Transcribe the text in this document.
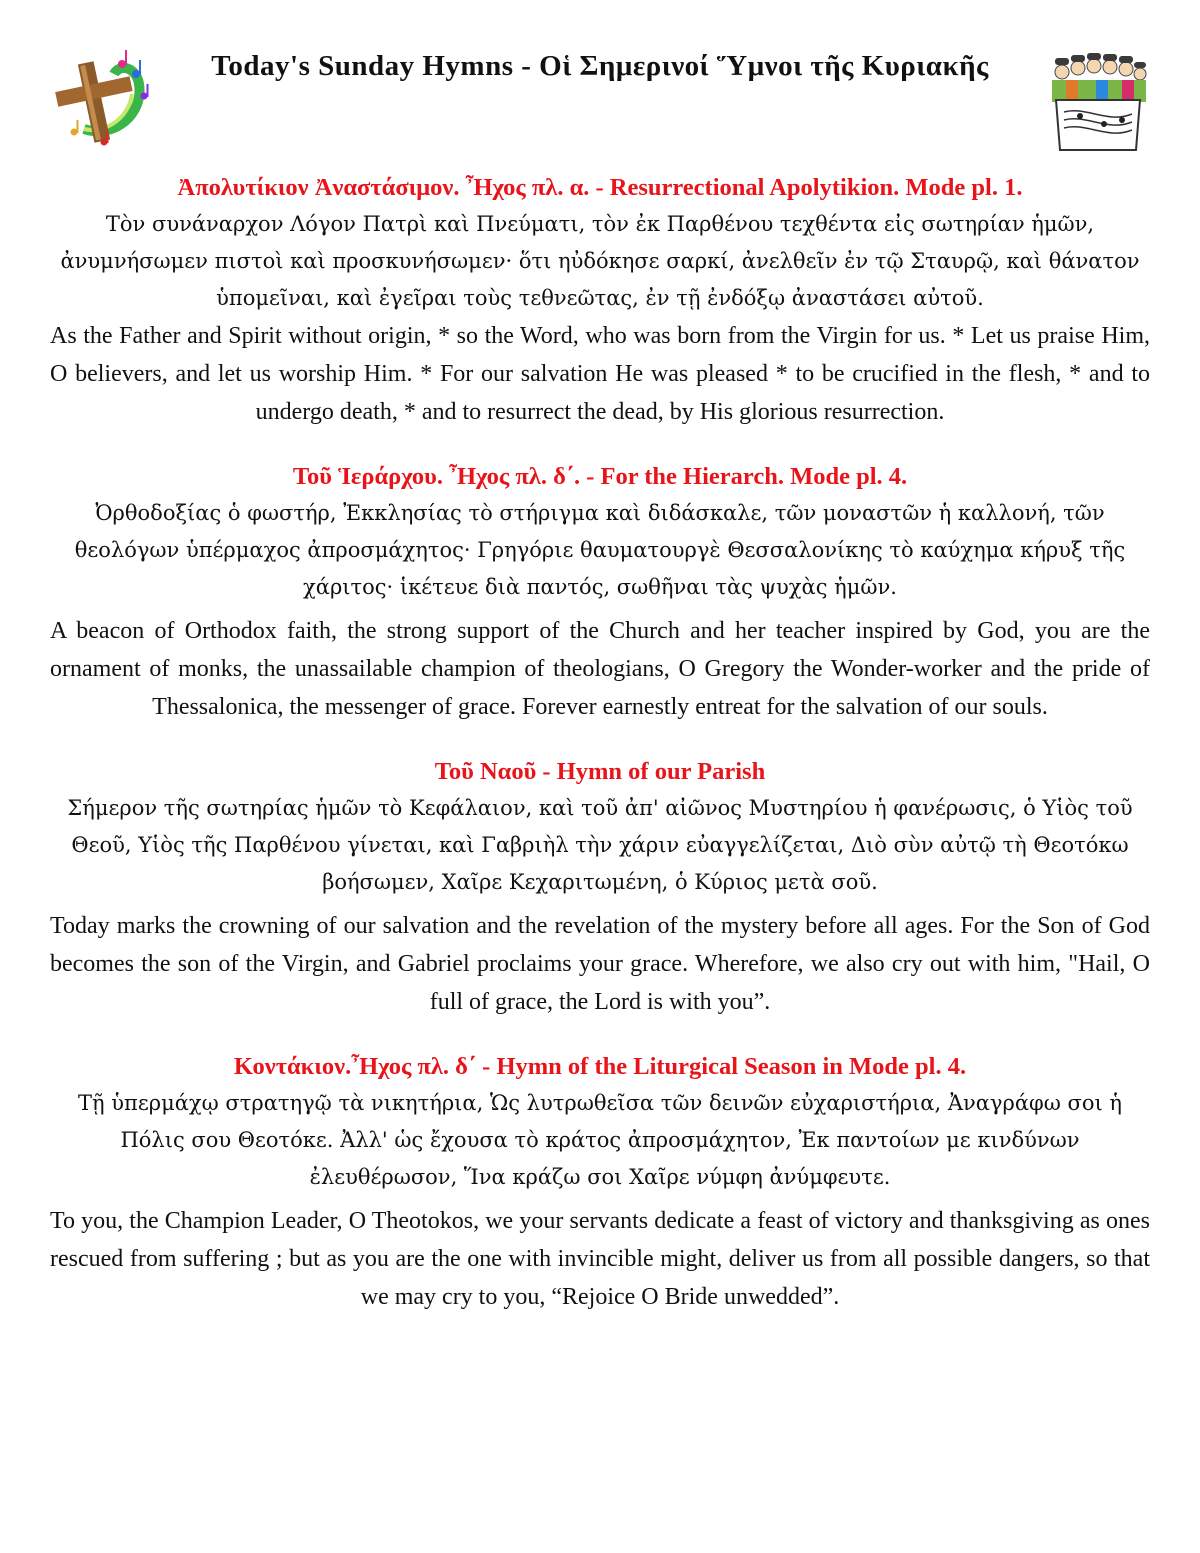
Today's Sunday Hymns - Οἱ Σημερινοί Ὕμνοι τῆς Κυριακῆς

Ἀπολυτίκιον Ἀναστάσιμον. Ἦχος πλ. α. - Resurrectional Apolytikion. Mode pl. 1.

Τὸν συνάναρχον Λόγον Πατρὶ καὶ Πνεύματι, τὸν ἐκ Παρθένου τεχθέντα εἰς σωτηρίαν ἡμῶν, ἀνυμνήσωμεν πιστοὶ καὶ προσκυνήσωμεν· ὅτι ηὐδόκησε σαρκί, ἀνελθεῖν ἐν τῷ Σταυρῷ, καὶ θάνατον ὑπομεῖναι, καὶ ἐγεῖραι τοὺς τεθνεῶτας, ἐν τῇ ἐνδόξῳ ἀναστάσει αὐτοῦ.

As the Father and Spirit without origin, * so the Word, who was born from the Virgin for us. * Let us praise Him, O believers, and let us worship Him. * For our salvation He was pleased * to be crucified in the flesh, * and to undergo death, * and to resurrect the dead, by His glorious resurrection.

Τοῦ Ἱεράρχου. Ἦχος πλ. δ΄. - For the Hierarch. Mode pl. 4.

Ὀρθοδοξίας ὁ φωστήρ, Ἐκκλησίας τὸ στήριγμα καὶ διδάσκαλε, τῶν μοναστῶν ἡ καλλονή, τῶν θεολόγων ὑπέρμαχος ἀπροσμάχητος· Γρηγόριε θαυματουργὲ Θεσσαλονίκης τὸ καύχημα κήρυξ τῆς χάριτος· ἱκέτευε διὰ παντός, σωθῆναι τὰς ψυχὰς ἡμῶν.

A beacon of Orthodox faith, the strong support of the Church and her teacher inspired by God, you are the ornament of monks, the unassailable champion of theologians, O Gregory the Wonder-worker and the pride of Thessalonica, the messenger of grace. Forever earnestly entreat for the salvation of our souls.

Τοῦ Ναοῦ - Hymn of our Parish

Σήμερον τῆς σωτηρίας ἡμῶν τὸ Κεφάλαιον, καὶ τοῦ ἀπ' αἰῶνος Μυστηρίου ἡ φανέρωσις, ὁ Υἱὸς τοῦ Θεοῦ, Υἱὸς τῆς Παρθένου γίνεται, καὶ Γαβριὴλ τὴν χάριν εὐαγγελίζεται, Διὸ σὺν αὐτῷ τὴ Θεοτόκω βοήσωμεν, Χαῖρε Κεχαριτωμένη, ὁ Κύριος μετὰ σοῦ.

Today marks the crowning of our salvation and the revelation of the mystery before all ages. For the Son of God becomes the son of the Virgin, and Gabriel proclaims your grace. Wherefore, we also cry out with him, "Hail, O full of grace, the Lord is with you”.

Κοντάκιον.Ἦχος πλ. δ΄ - Hymn of the Liturgical Season in Mode pl. 4.

Τῇ ὑπερμάχῳ στρατηγῷ τὰ νικητήρια, Ὡς λυτρωθεῖσα τῶν δεινῶν εὐχαριστήρια, Ἀναγράφω σοι ἡ Πόλις σου Θεοτόκε. Ἀλλ' ὡς ἔχουσα τὸ κράτος ἀπροσμάχητον, Ἐκ παντοίων με κινδύνων ἐλευθέρωσον, Ἵνα κράζω σοι Χαῖρε νύμφη ἀνύμφευτε.

To you, the Champion Leader, O Theotokos, we your servants dedicate a feast of victory and thanksgiving as ones rescued from suffering ; but as you are the one with invincible might, deliver us from all possible dangers, so that we may cry to you, “Rejoice O Bride unwedded”.
